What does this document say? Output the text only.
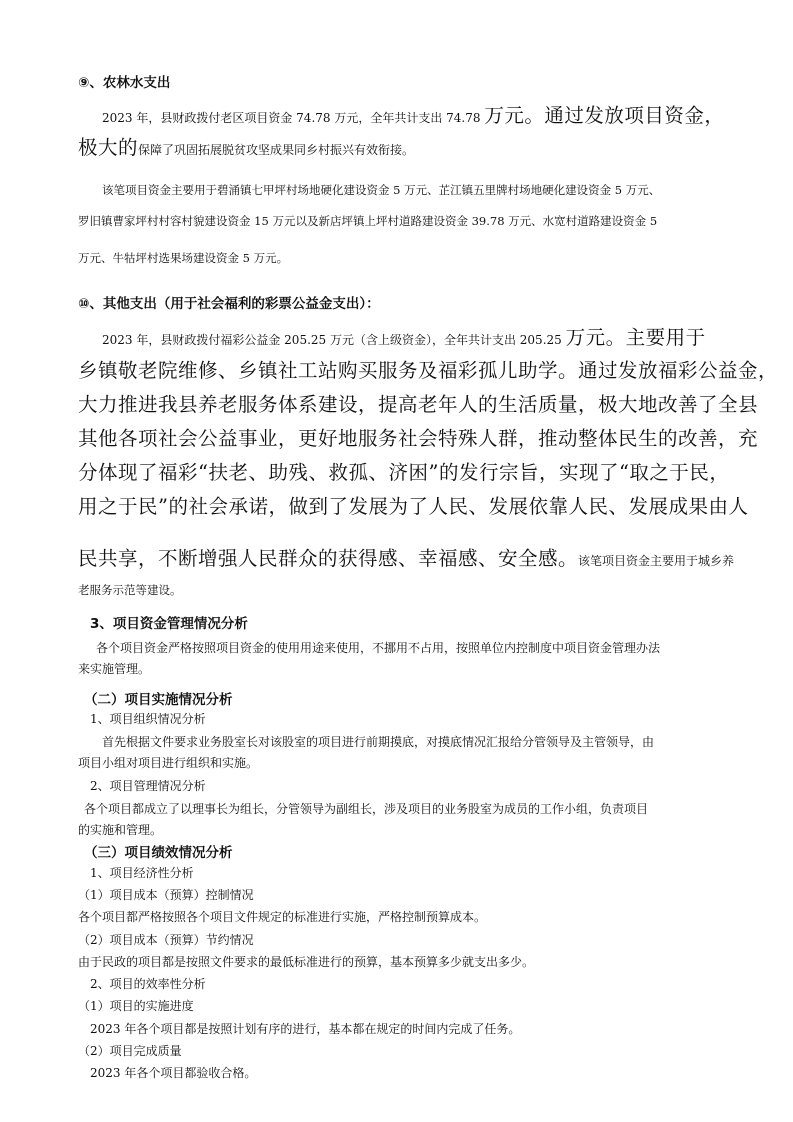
⑨、农林水支出
2023 年，县财政拨付老区项目资金 74.78 万元，全年共计支出 74.78 万元。通过发放项目资金，
极大的保障了巩固拓展脱贫攻坚成果同乡村振兴有效衔接。
该笔项目资金主要用于碧涌镇七甲坪村场地硬化建设资金 5 万元、芷江镇五里牌村场地硬化建设资金 5 万元、
罗旧镇曹家坪村村容村貌建设资金 15 万元以及新店坪镇上坪村道路建设资金 39.78 万元、水宽村道路建设资金 5
万元、牛牯坪村选果场建设资金 5 万元。
⑩、其他支出（用于社会福利的彩票公益金支出）：
2023 年，县财政拨付福彩公益金 205.25 万元（含上级资金），全年共计支出 205.25 万元。主要用于
乡镇敬老院维修、乡镇社工站购买服务及福彩孤儿助学。通过发放福彩公益金，
大力推进我县养老服务体系建设，提高老年人的生活质量，极大地改善了全县
其他各项社会公益事业，更好地服务社会特殊人群，推动整体民生的改善，充
分体现了福彩“扶老、助残、救孤、济困”的发行宗旨，实现了“取之于民，
用之于民”的社会承诺，做到了发展为了人民、发展依靠人民、发展成果由人
民共享，不断增强人民群众的获得感、幸福感、安全感。该笔项目资金主要用于城乡养
老服务示范等建设。
3、项目资金管理情况分析
各个项目资金严格按照项目资金的使用用途来使用，不挪用不占用，按照单位内控制度中项目资金管理办法
来实施管理。
（二）项目实施情况分析
1、项目组织情况分析
首先根据文件要求业务股室长对该股室的项目进行前期摸底，对摸底情况汇报给分管领导及主管领导，由
项目小组对项目进行组织和实施。
2、项目管理情况分析
各个项目都成立了以理事长为组长，分管领导为副组长，涉及项目的业务股室为成员的工作小组，负责项目
的实施和管理。
（三）项目绩效情况分析
1、项目经济性分析
（1）项目成本（预算）控制情况
各个项目都严格按照各个项目文件规定的标准进行实施，严格控制预算成本。
（2）项目成本（预算）节约情况
由于民政的项目都是按照文件要求的最低标准进行的预算，基本预算多少就支出多少。
2、项目的效率性分析
（1）项目的实施进度
2023 年各个项目都是按照计划有序的进行，基本都在规定的时间内完成了任务。
（2）项目完成质量
2023 年各个项目都验收合格。
